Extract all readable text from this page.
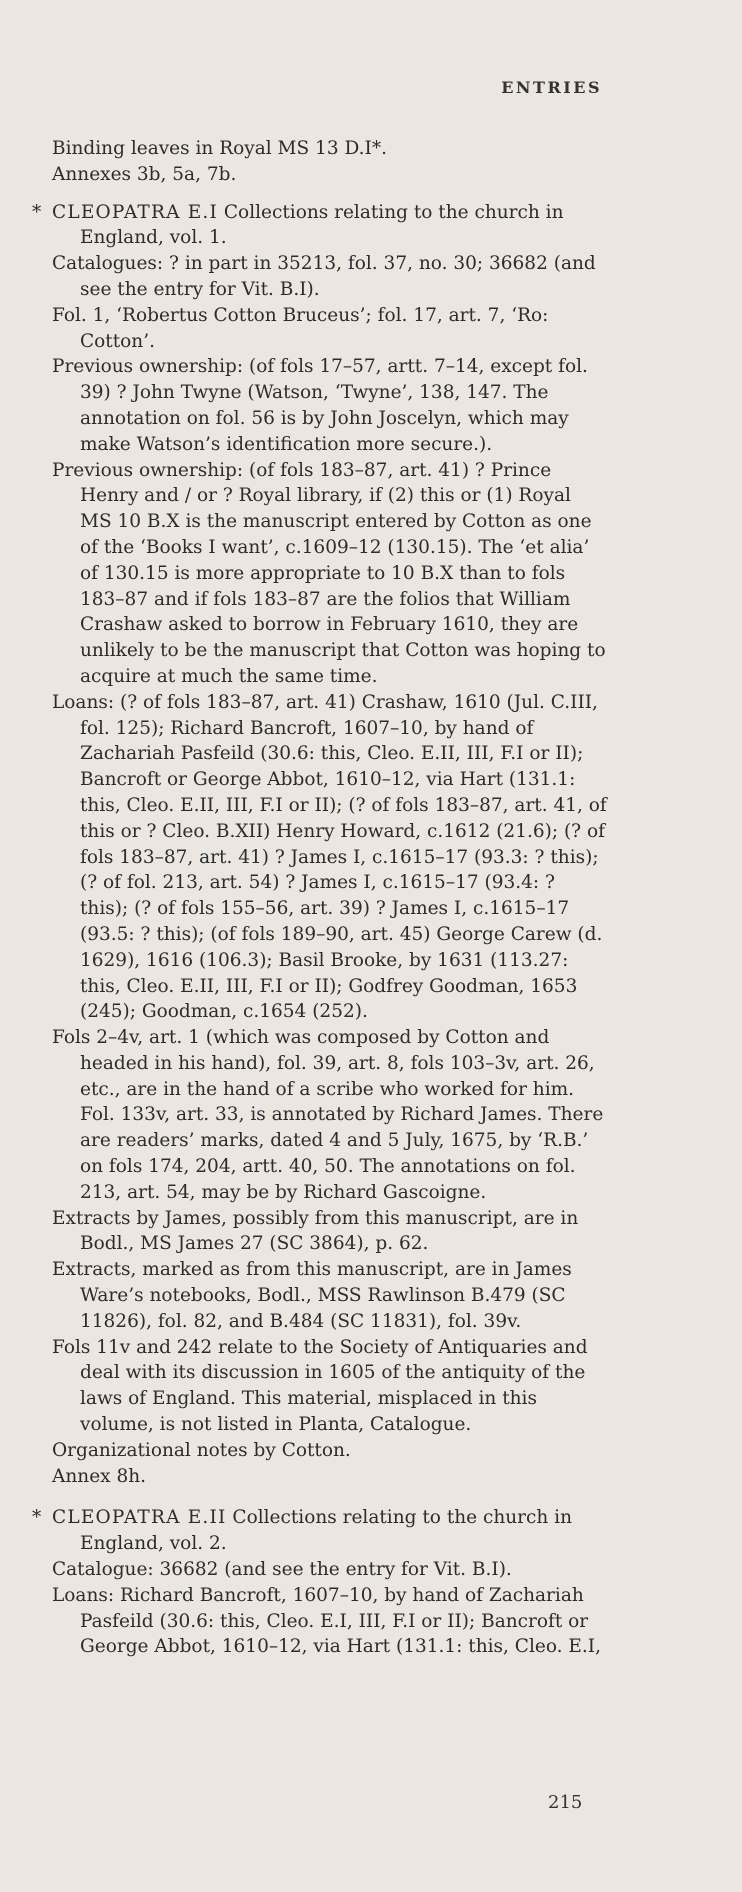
ENTRIES

Binding leaves in Royal MS 13 D.I*.

Annexes 3b, 5a, 7b.

* CLEOPATRA E.I Collections relating to the church in England, vol. 1.

Catalogues: ? in part in 35213, fol. 37, no. 30; 36682 (and see the entry for Vit. B.I).

Fol. 1, ‘Robertus Cotton Bruceus’; fol. 17, art. 7, ‘Ro: Cotton’.

Previous ownership: (of fols 17–57, artt. 7–14, except fol. 39) ? John Twyne (Watson, ‘Twyne’, 138, 147. The annotation on fol. 56 is by John Joscelyn, which may make Watson’s identification more secure.).

Previous ownership: (of fols 183–87, art. 41) ? Prince Henry and / or ? Royal library, if (2) this or (1) Royal MS 10 B.X is the manuscript entered by Cotton as one of the ‘Books I want’, c.1609–12 (130.15). The ‘et alia’ of 130.15 is more appropriate to 10 B.X than to fols 183–87 and if fols 183–87 are the folios that William Crashaw asked to borrow in February 1610, they are unlikely to be the manuscript that Cotton was hoping to acquire at much the same time.

Loans: (? of fols 183–87, art. 41) Crashaw, 1610 (Jul. C.III, fol. 125); Richard Bancroft, 1607–10, by hand of Zachariah Pasfeild (30.6: this, Cleo. E.II, III, F.I or II); Bancroft or George Abbot, 1610–12, via Hart (131.1: this, Cleo. E.II, III, F.I or II); (? of fols 183–87, art. 41, of this or ? Cleo. B.XII) Henry Howard, c.1612 (21.6); (? of fols 183–87, art. 41) ? James I, c.1615–17 (93.3: ? this); (? of fol. 213, art. 54) ? James I, c.1615–17 (93.4: ? this); (? of fols 155–56, art. 39) ? James I, c.1615–17 (93.5: ? this); (of fols 189–90, art. 45) George Carew (d. 1629), 1616 (106.3); Basil Brooke, by 1631 (113.27: this, Cleo. E.II, III, F.I or II); Godfrey Goodman, 1653 (245); Goodman, c.1654 (252).

Fols 2–4v, art. 1 (which was composed by Cotton and headed in his hand), fol. 39, art. 8, fols 103–3v, art. 26, etc., are in the hand of a scribe who worked for him. Fol. 133v, art. 33, is annotated by Richard James. There are readers’ marks, dated 4 and 5 July, 1675, by ‘R.B.’ on fols 174, 204, artt. 40, 50. The annotations on fol. 213, art. 54, may be by Richard Gascoigne.

Extracts by James, possibly from this manuscript, are in Bodl., MS James 27 (SC 3864), p. 62.

Extracts, marked as from this manuscript, are in James Ware’s notebooks, Bodl., MSS Rawlinson B.479 (SC 11826), fol. 82, and B.484 (SC 11831), fol. 39v.

Fols 11v and 242 relate to the Society of Antiquaries and deal with its discussion in 1605 of the antiquity of the laws of England. This material, misplaced in this volume, is not listed in Planta, Catalogue.

Organizational notes by Cotton.

Annex 8h.

* CLEOPATRA E.II Collections relating to the church in England, vol. 2.

Catalogue: 36682 (and see the entry for Vit. B.I).

Loans: Richard Bancroft, 1607–10, by hand of Zachariah Pasfeild (30.6: this, Cleo. E.I, III, F.I or II); Bancroft or George Abbot, 1610–12, via Hart (131.1: this, Cleo. E.I,

215
